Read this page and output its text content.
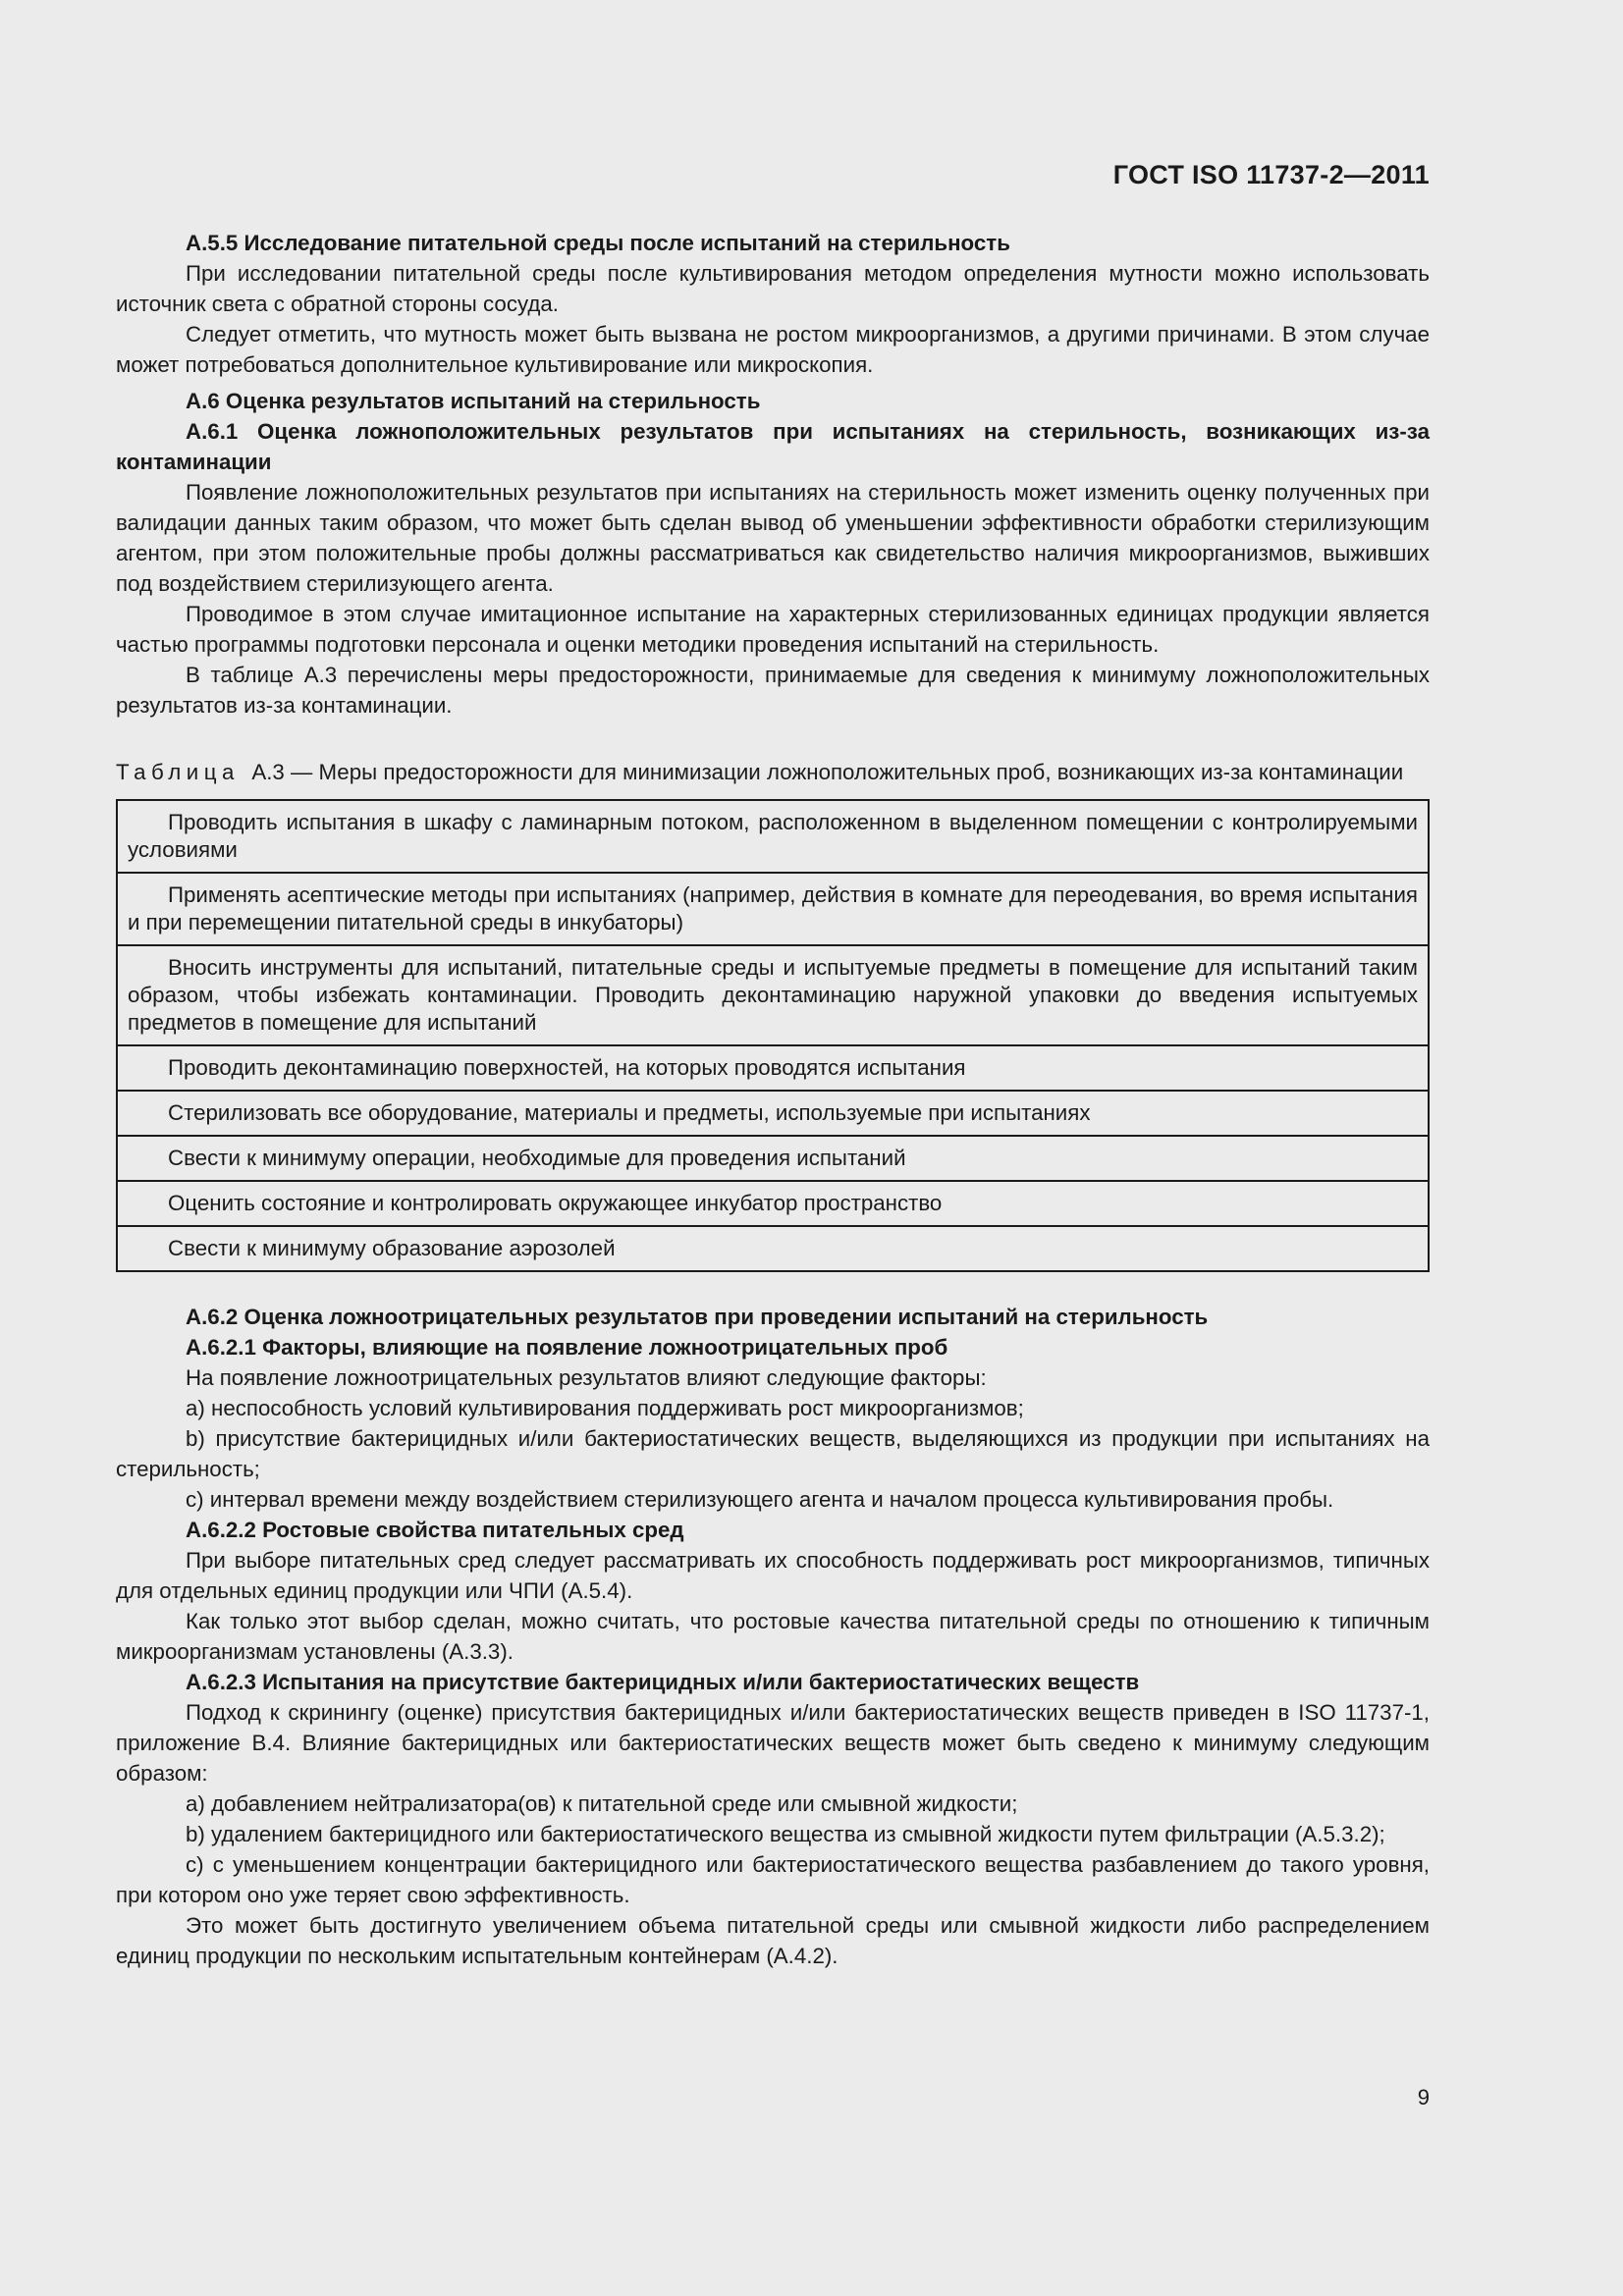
ГОСТ ISO 11737-2—2011

А.5.5 Исследование питательной среды после испытаний на стерильность

При исследовании питательной среды после культивирования методом определения мутности можно использовать источник света с обратной стороны сосуда.

Следует отметить, что мутность может быть вызвана не ростом микроорганизмов, а другими причинами. В этом случае может потребоваться дополнительное культивирование или микроскопия.

А.6 Оценка результатов испытаний на стерильность

А.6.1 Оценка ложноположительных результатов при испытаниях на стерильность, возникающих из-за контаминации

Появление ложноположительных результатов при испытаниях на стерильность может изменить оценку полученных при валидации данных таким образом, что может быть сделан вывод об уменьшении эффективности обработки стерилизующим агентом, при этом положительные пробы должны рассматриваться как свидетельство наличия микроорганизмов, выживших под воздействием стерилизующего агента.

Проводимое в этом случае имитационное испытание на характерных стерилизованных единицах продукции является частью программы подготовки персонала и оценки методики проведения испытаний на стерильность.

В таблице А.3 перечислены меры предосторожности, принимаемые для сведения к минимуму ложноположительных результатов из-за контаминации.

Таблица А.3 — Меры предосторожности для минимизации ложноположительных проб, возникающих из-за контаминации

Проводить испытания в шкафу с ламинарным потоком, расположенном в выделенном помещении с контролируемыми условиями
Применять асептические методы при испытаниях (например, действия в комнате для переодевания, во время испытания и при перемещении питательной среды в инкубаторы)
Вносить инструменты для испытаний, питательные среды и испытуемые предметы в помещение для испытаний таким образом, чтобы избежать контаминации. Проводить деконтаминацию наружной упаковки до введения испытуемых предметов в помещение для испытаний
Проводить деконтаминацию поверхностей, на которых проводятся испытания
Стерилизовать все оборудование, материалы и предметы, используемые при испытаниях
Свести к минимуму операции, необходимые для проведения испытаний
Оценить состояние и контролировать окружающее инкубатор пространство
Свести к минимуму образование аэрозолей

А.6.2 Оценка ложноотрицательных результатов при проведении испытаний на стерильность

А.6.2.1 Факторы, влияющие на появление ложноотрицательных проб

На появление ложноотрицательных результатов влияют следующие факторы:

а) неспособность условий культивирования поддерживать рост микроорганизмов;

b) присутствие бактерицидных и/или бактериостатических веществ, выделяющихся из продукции при испытаниях на стерильность;

с) интервал времени между воздействием стерилизующего агента и началом процесса культивирования пробы.

А.6.2.2 Ростовые свойства питательных сред

При выборе питательных сред следует рассматривать их способность поддерживать рост микроорганизмов, типичных для отдельных единиц продукции или ЧПИ (А.5.4).

Как только этот выбор сделан, можно считать, что ростовые качества питательной среды по отношению к типичным микроорганизмам установлены (А.3.3).

А.6.2.3 Испытания на присутствие бактерицидных и/или бактериостатических веществ

Подход к скринингу (оценке) присутствия бактерицидных и/или бактериостатических веществ приведен в ISO 11737-1, приложение В.4. Влияние бактерицидных или бактериостатических веществ может быть сведено к минимуму следующим образом:

а) добавлением нейтрализатора(ов) к питательной среде или смывной жидкости;

b) удалением бактерицидного или бактериостатического вещества из смывной жидкости путем фильтрации (А.5.3.2);

с) с уменьшением концентрации бактерицидного или бактериостатического вещества разбавлением до такого уровня, при котором оно уже теряет свою эффективность.

Это может быть достигнуто увеличением объема питательной среды или смывной жидкости либо распределением единиц продукции по нескольким испытательным контейнерам (А.4.2).

9
